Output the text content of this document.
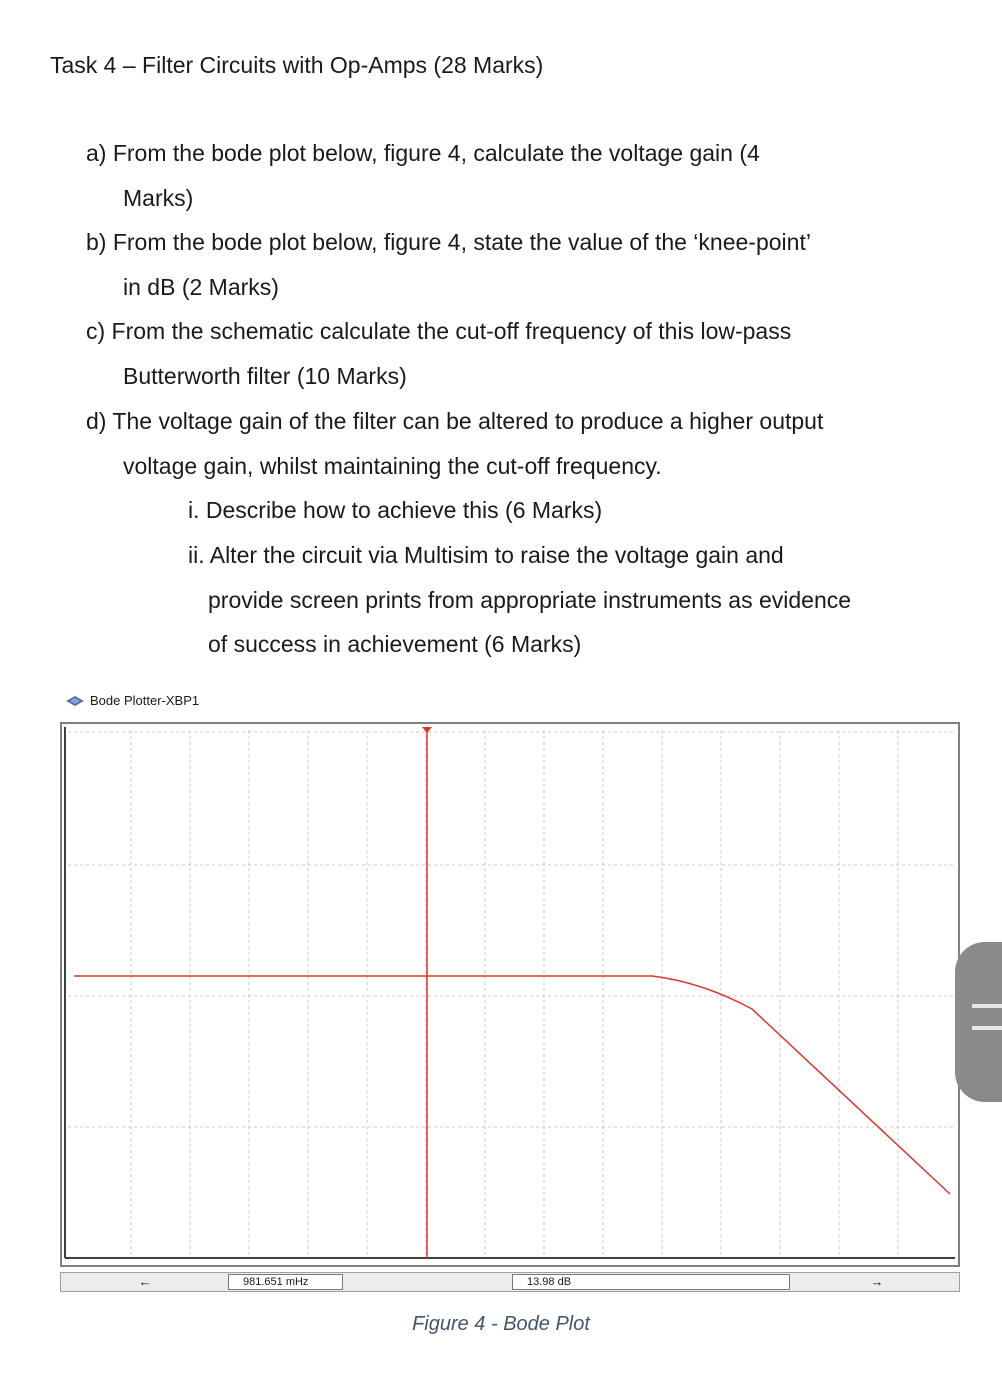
Task 4 – Filter Circuits with Op-Amps (28 Marks)
a) From the bode plot below, figure 4, calculate the voltage gain (4
Marks)
b) From the bode plot below, figure 4, state the value of the ‘knee-point’
in dB (2 Marks)
c) From the schematic calculate the cut-off frequency of this low-pass
Butterworth filter (10 Marks)
d) The voltage gain of the filter can be altered to produce a higher output
voltage gain, whilst maintaining the cut-off frequency.
i. Describe how to achieve this (6 Marks)
ii. Alter the circuit via Multisim to raise the voltage gain and
provide screen prints from appropriate instruments as evidence
of success in achievement (6 Marks)
Bode Plotter-XBP1
←	981.651 mHz	13.98 dB	→
Figure 4 - Bode Plot
